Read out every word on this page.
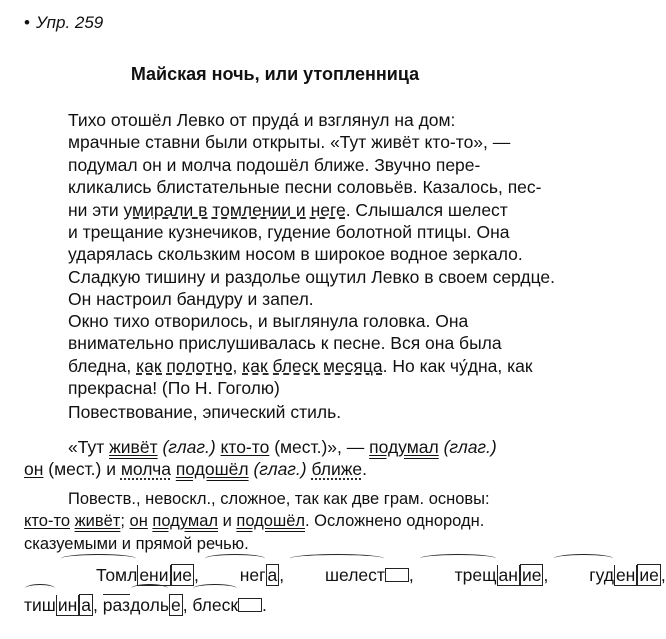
• Упр. 259
Майская ночь, или утопленница

Тихо отошёл Левко от пруда́ и взглянул на дом:
мрачные ставни были открыты. «Тут живёт кто-то», —
подумал он и молча подошёл ближе. Звучно пере-
кликались блистательные песни соловьёв. Казалось, пес-
ни эти умирали в томлении и неге. Слышался шелест
и трещание кузнечиков, гудение болотной птицы. Она
ударялась скользким носом в широкое водное зеркало.
Сладкую тишину и раздолье ощутил Левко в своем сердце.
Он настроил бандуру и запел.

Окно тихо отворилось, и выглянула головка. Она
внимательно прислушивалась к песне. Вся она была
бледна, как полотно, как блеск месяца. Но как чу́дна, как
прекрасна! (По Н. Гоголю)

Повествование, эпический стиль.

«Тут живёт (глаг.) кто-то (мест.)», — подумал (глаг.)
он (мест.) и молча подошёл (глаг.) ближе.

Повеств., невоскл., сложное, так как две грам. основы:
кто-то живёт; он подумал и подошёл. Осложнено однородн.
сказуемыми и прямой речью.

Томл ени ие , нег а , шелест , трещ ан ие , гуд ен ие ,
тиш ин а , раздоль е , блеск .
